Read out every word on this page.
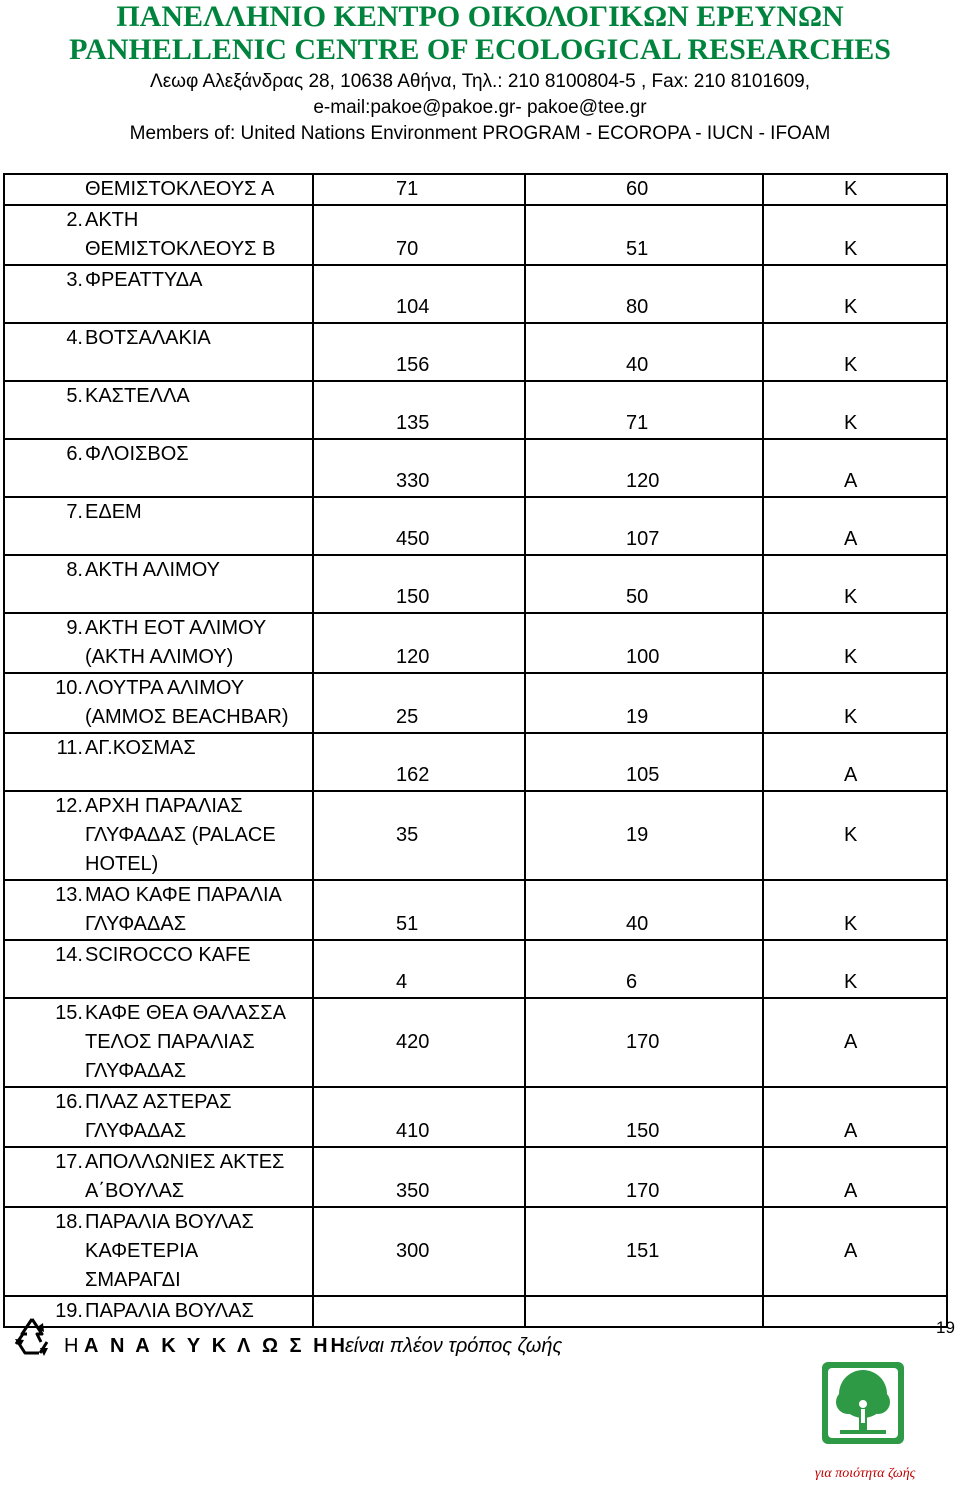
ΠΑΝΕΛΛΗΝΙΟ ΚΕΝΤΡΟ ΟΙΚΟΛΟΓΙΚΩΝ ΕΡΕΥΝΩΝ
PANHELLENIC CENTRE OF ECOLOGICAL RESEARCHES
Λεωφ Αλεξάνδρας 28, 10638 Αθήνα, Τηλ.: 210 8100804-5 , Fax: 210 8101609,
e-mail:pakoe@pakoe.gr- pakoe@tee.gr
Members of: United Nations Environment PROGRAM - ECOROPA - IUCN - IFOAM
ΘΕΜΙΣΤΟΚΛΕΟΥΣ Α	71	60	Κ

2. ΑΚΤΗ
ΘΕΜΙΣΤΟΚΛΕΟΥΣ Β	70	51	Κ

3. ΦΡΕΑΤΤΥΔΑ	104	80	Κ

4. ΒΟΤΣΑΛΑΚΙΑ	156	40	Κ

5. ΚΑΣΤΕΛΛΑ	135	71	Κ

6. ΦΛΟΙΣΒΟΣ	330	120	Α

7. ΕΔΕΜ	450	107	Α

8. ΑΚΤΗ ΑΛΙΜΟΥ	150	50	Κ

9. ΑΚΤΗ ΕΟΤ ΑΛΙΜΟΥ
(ΑΚΤΗ ΑΛΙΜΟΥ)	120	100	Κ

10. ΛΟΥΤΡΑ ΑΛΙΜΟΥ
(ΑΜΜΟΣ BEACHBAR)	25	19	Κ

11. ΑΓ.ΚΟΣΜΑΣ	162	105	Α

12. ΑΡΧΗ ΠΑΡΑΛΙΑΣ
ΓΛΥΦΑΔΑΣ (PALACE
HOTEL)	35	19	Κ

13. ΜΑΟ ΚΑΦΕ ΠΑΡΑΛΙΑ
ΓΛΥΦΑΔΑΣ	51	40	Κ

14. SCIROCCO KAFE	4	6	Κ

15. ΚΑΦΕ ΘΕΑ ΘΑΛΑΣΣΑ
ΤΕΛΟΣ ΠΑΡΑΛΙΑΣ
ΓΛΥΦΑΔΑΣ	420	170	Α

16. ΠΛΑΖ ΑΣΤΕΡΑΣ
ΓΛΥΦΑΔΑΣ	410	150	Α

17. ΑΠΟΛΛΩΝΙΕΣ ΑΚΤΕΣ
Α΄ΒΟΥΛΑΣ	350	170	Α

18. ΠΑΡΑΛΙΑ ΒΟΥΛΑΣ
ΚΑΦΕΤΕΡΙΑ
ΣΜΑΡΑΓΔΙ	300	151	Α

19. ΠΑΡΑΛΙΑ ΒΟΥΛΑΣ			

Η Α Ν Α Κ Υ Κ Λ Ω Σ ΗΗείναι πλέον τρόπος ζωής
19
για ποιότητα ζωής
